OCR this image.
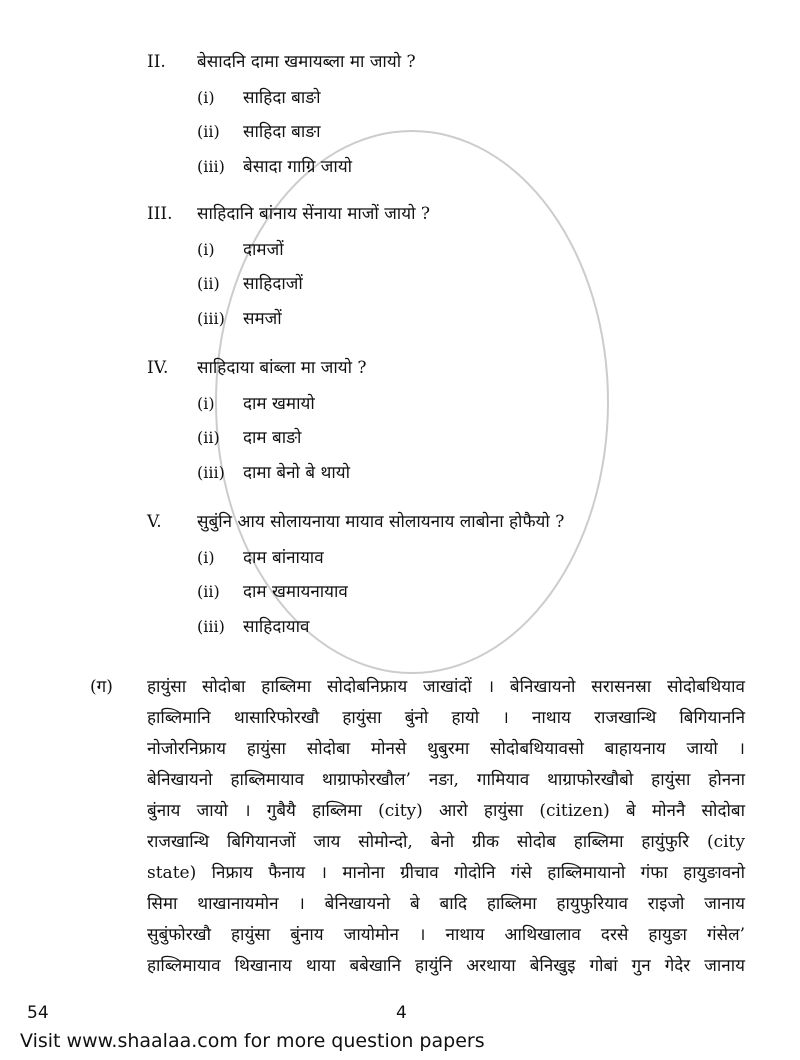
II. बेसादनि दामा खमायब्ला मा जायो ?
(i) साहिदा बाङो
(ii) साहिदा बाङा
(iii) बेसादा गाग्रि जायो
III. साहिदानि बांनाय सेंनाया माजों जायो ?
(i) दामजों
(ii) साहिदाजों
(iii) समजों
IV. साहिदाया बांब्ला मा जायो ?
(i) दाम खमायो
(ii) दाम बाङो
(iii) दामा बेनो बे थायो
V. सुबुंनि आय सोलायनाया मायाव सोलायनाय लाबोना होफैयो ?
(i) दाम बांनायाव
(ii) दाम खमायनायाव
(iii) साहिदायाव
(ग) हायुंसा सोदोबा हाब्लिमा सोदोबनिफ्राय जाखांदों । बेनिखायनो सरासनस्रा सोदोबथियाव
हाब्लिमानि थासारिफोरखौ हायुंसा बुंनो हायो । नाथाय राजखान्थि बिगियाननि
नोजोरनिफ्राय हायुंसा सोदोबा मोनसे थुबुरमा सोदोबथियावसो बाहायनाय जायो ।
बेनिखायनो हाब्लिमायाव थाग्राफोरखौल’ नङा, गामियाव थाग्राफोरखौबो हायुंसा होनना
बुंनाय जायो । गुबैयै हाब्लिमा (city) आरो हायुंसा (citizen) बे मोननै सोदोबा
राजखान्थि बिगियानजों जाय सोमोन्दो, बेनो ग्रीक सोदोब हाब्लिमा हायुंफुरि (city
state) निफ्राय फैनाय । मानोना ग्रीचाव गोदोनि गंसे हाब्लिमायानो गंफा हायुङावनो
सिमा थाखानायमोन । बेनिखायनो बे बादि हाब्लिमा हायुफुरियाव राइजो जानाय
सुबुंफोरखौ हायुंसा बुंनाय जायोमोन । नाथाय आथिखालाव दरसे हायुङा गंसेल’
हाब्लिमायाव थिखानाय थाया बबेखानि हायुंनि अरथाया बेनिखुइ गोबां गुन गेदेर जानाय
54	4
Visit www.shaalaa.com for more question papers
